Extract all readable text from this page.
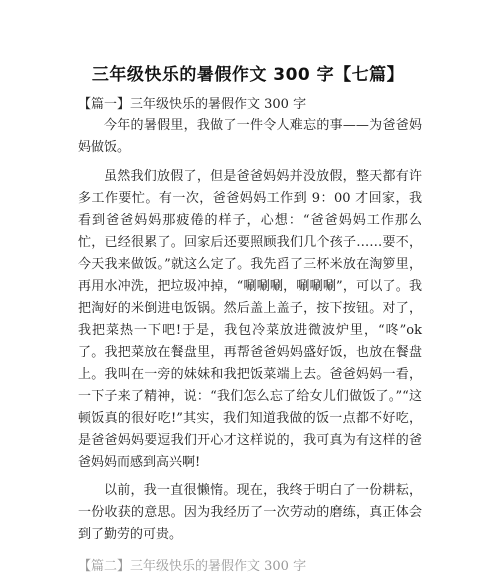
三年级快乐的暑假作文 300 字【七篇】
【篇一】三年级快乐的暑假作文 300 字

今年的暑假里，我做了一件令人难忘的事——为爸爸妈妈做饭。

虽然我们放假了，但是爸爸妈妈并没放假，整天都有许多工作要忙。有一次，爸爸妈妈工作到 9：00 才回家，我看到爸爸妈妈那疲倦的样子，心想：“爸爸妈妈工作那么忙，已经很累了。回家后还要照顾我们几个孩子……要不，今天我来做饭。”就这么定了。我先舀了三杯米放在淘箩里，再用水冲洗，把垃圾冲掉，“唰唰唰，唰唰唰”，可以了。我把淘好的米倒进电饭锅。然后盖上盖子，按下按钮。对了，我把菜热一下吧!于是，我包冷菜放进微波炉里，“咚”ok 了。我把菜放在餐盘里，再帮爸爸妈妈盛好饭，也放在餐盘上。我叫在一旁的妹妹和我把饭菜端上去。爸爸妈妈一看，一下子来了精神，说：“我们怎么忘了给女儿们做饭了。”“这顿饭真的很好吃!”其实，我们知道我做的饭一点都不好吃，是爸爸妈妈要逗我们开心才这样说的，我可真为有这样的爸爸妈妈而感到高兴啊!

以前，我一直很懒惰。现在，我终于明白了一份耕耘，一份收获的意思。因为我经历了一次劳动的磨练，真正体会到了勤劳的可贵。

【篇二】三年级快乐的暑假作文 300 字
